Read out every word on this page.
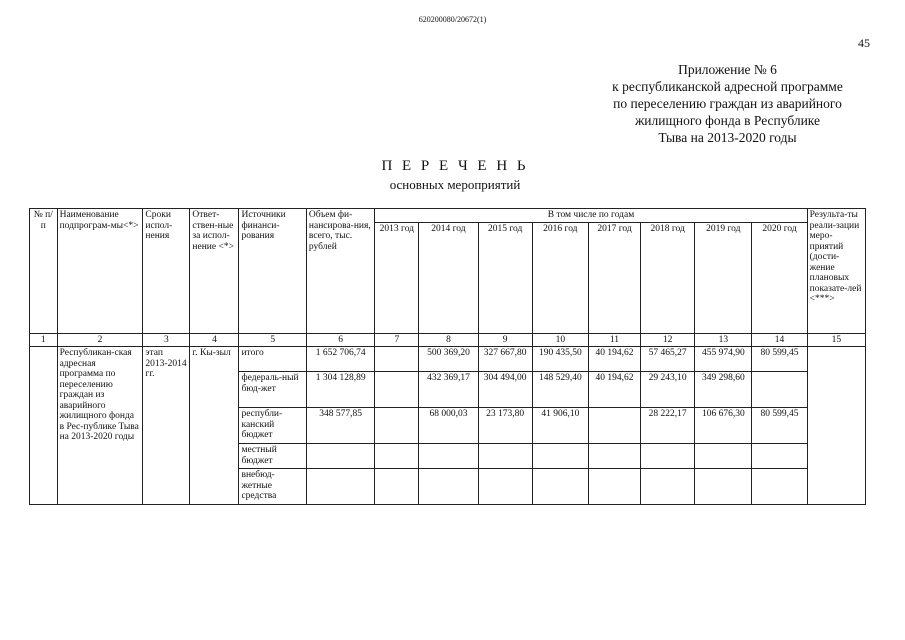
620200080/20672(1)
45
Приложение № 6
к республиканской адресной программе
по переселению граждан из аварийного
жилищного фонда в Республике
Тыва на 2013-2020 годы
П Е Р Е Ч Е Н Ь
основных мероприятий
№ п/п	Наименование подпрограм-мы<*>	Сроки испол-нения	Ответ-ствен-ные за испол-нение <*>	Источники финанси-рования	Объем фи-нансирова-ния, всего, тыс. рублей	В том числе по годам								Результа-ты реали-зации меро-приятий (дости-жение плановых показате-лей <***>
						2013 год	2014 год	2015 год	2016 год	2017 год	2018 год	2019 год	2020 год	
1	2	3	4	5	6	7	8	9	10	11	12	13	14	15
	Республикан-ская адресная программа по переселению граждан из аварийного жилищного фонда в Рес-публике Тыва на 2013-2020 годы	этап 2013-2014 гг.	г. Кы-зыл	итого	1 652 706,74		500 369,20	327 667,80	190 435,50	40 194,62	57 465,27	455 974,90	80 599,45	
				федераль-ный бюд-жет	1 304 128,89		432 369,17	304 494,00	148 529,40	40 194,62	29 243,10	349 298,60		
				республи-канский бюджет	348 577,85		68 000,03	23 173,80	41 906,10		28 222,17	106 676,30	80 599,45	
				местный бюджет										
				внебюд-жетные средства										
